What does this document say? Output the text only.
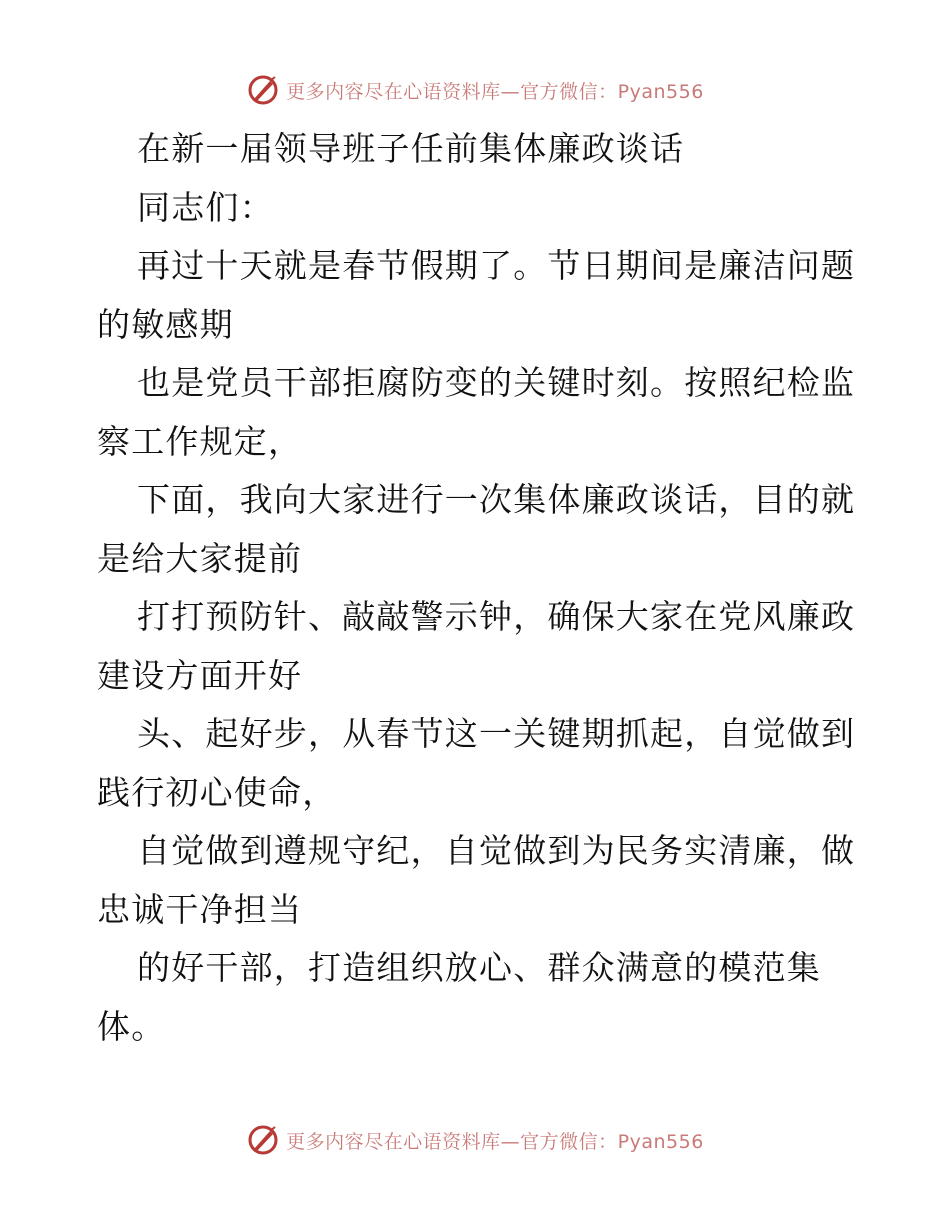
更多内容尽在心语资料库—官方微信：Pyan556
在新一届领导班子任前集体廉政谈话
同志们：
再过十天就是春节假期了。节日期间是廉洁问题
的敏感期
也是党员干部拒腐防变的关键时刻。按照纪检监
察工作规定，
下面，我向大家进行一次集体廉政谈话，目的就
是给大家提前
打打预防针、敲敲警示钟，确保大家在党风廉政
建设方面开好
头、起好步，从春节这一关键期抓起，自觉做到
践行初心使命，
自觉做到遵规守纪，自觉做到为民务实清廉，做
忠诚干净担当
的好干部，打造组织放心、群众满意的模范集
体。
更多内容尽在心语资料库—官方微信：Pyan556
